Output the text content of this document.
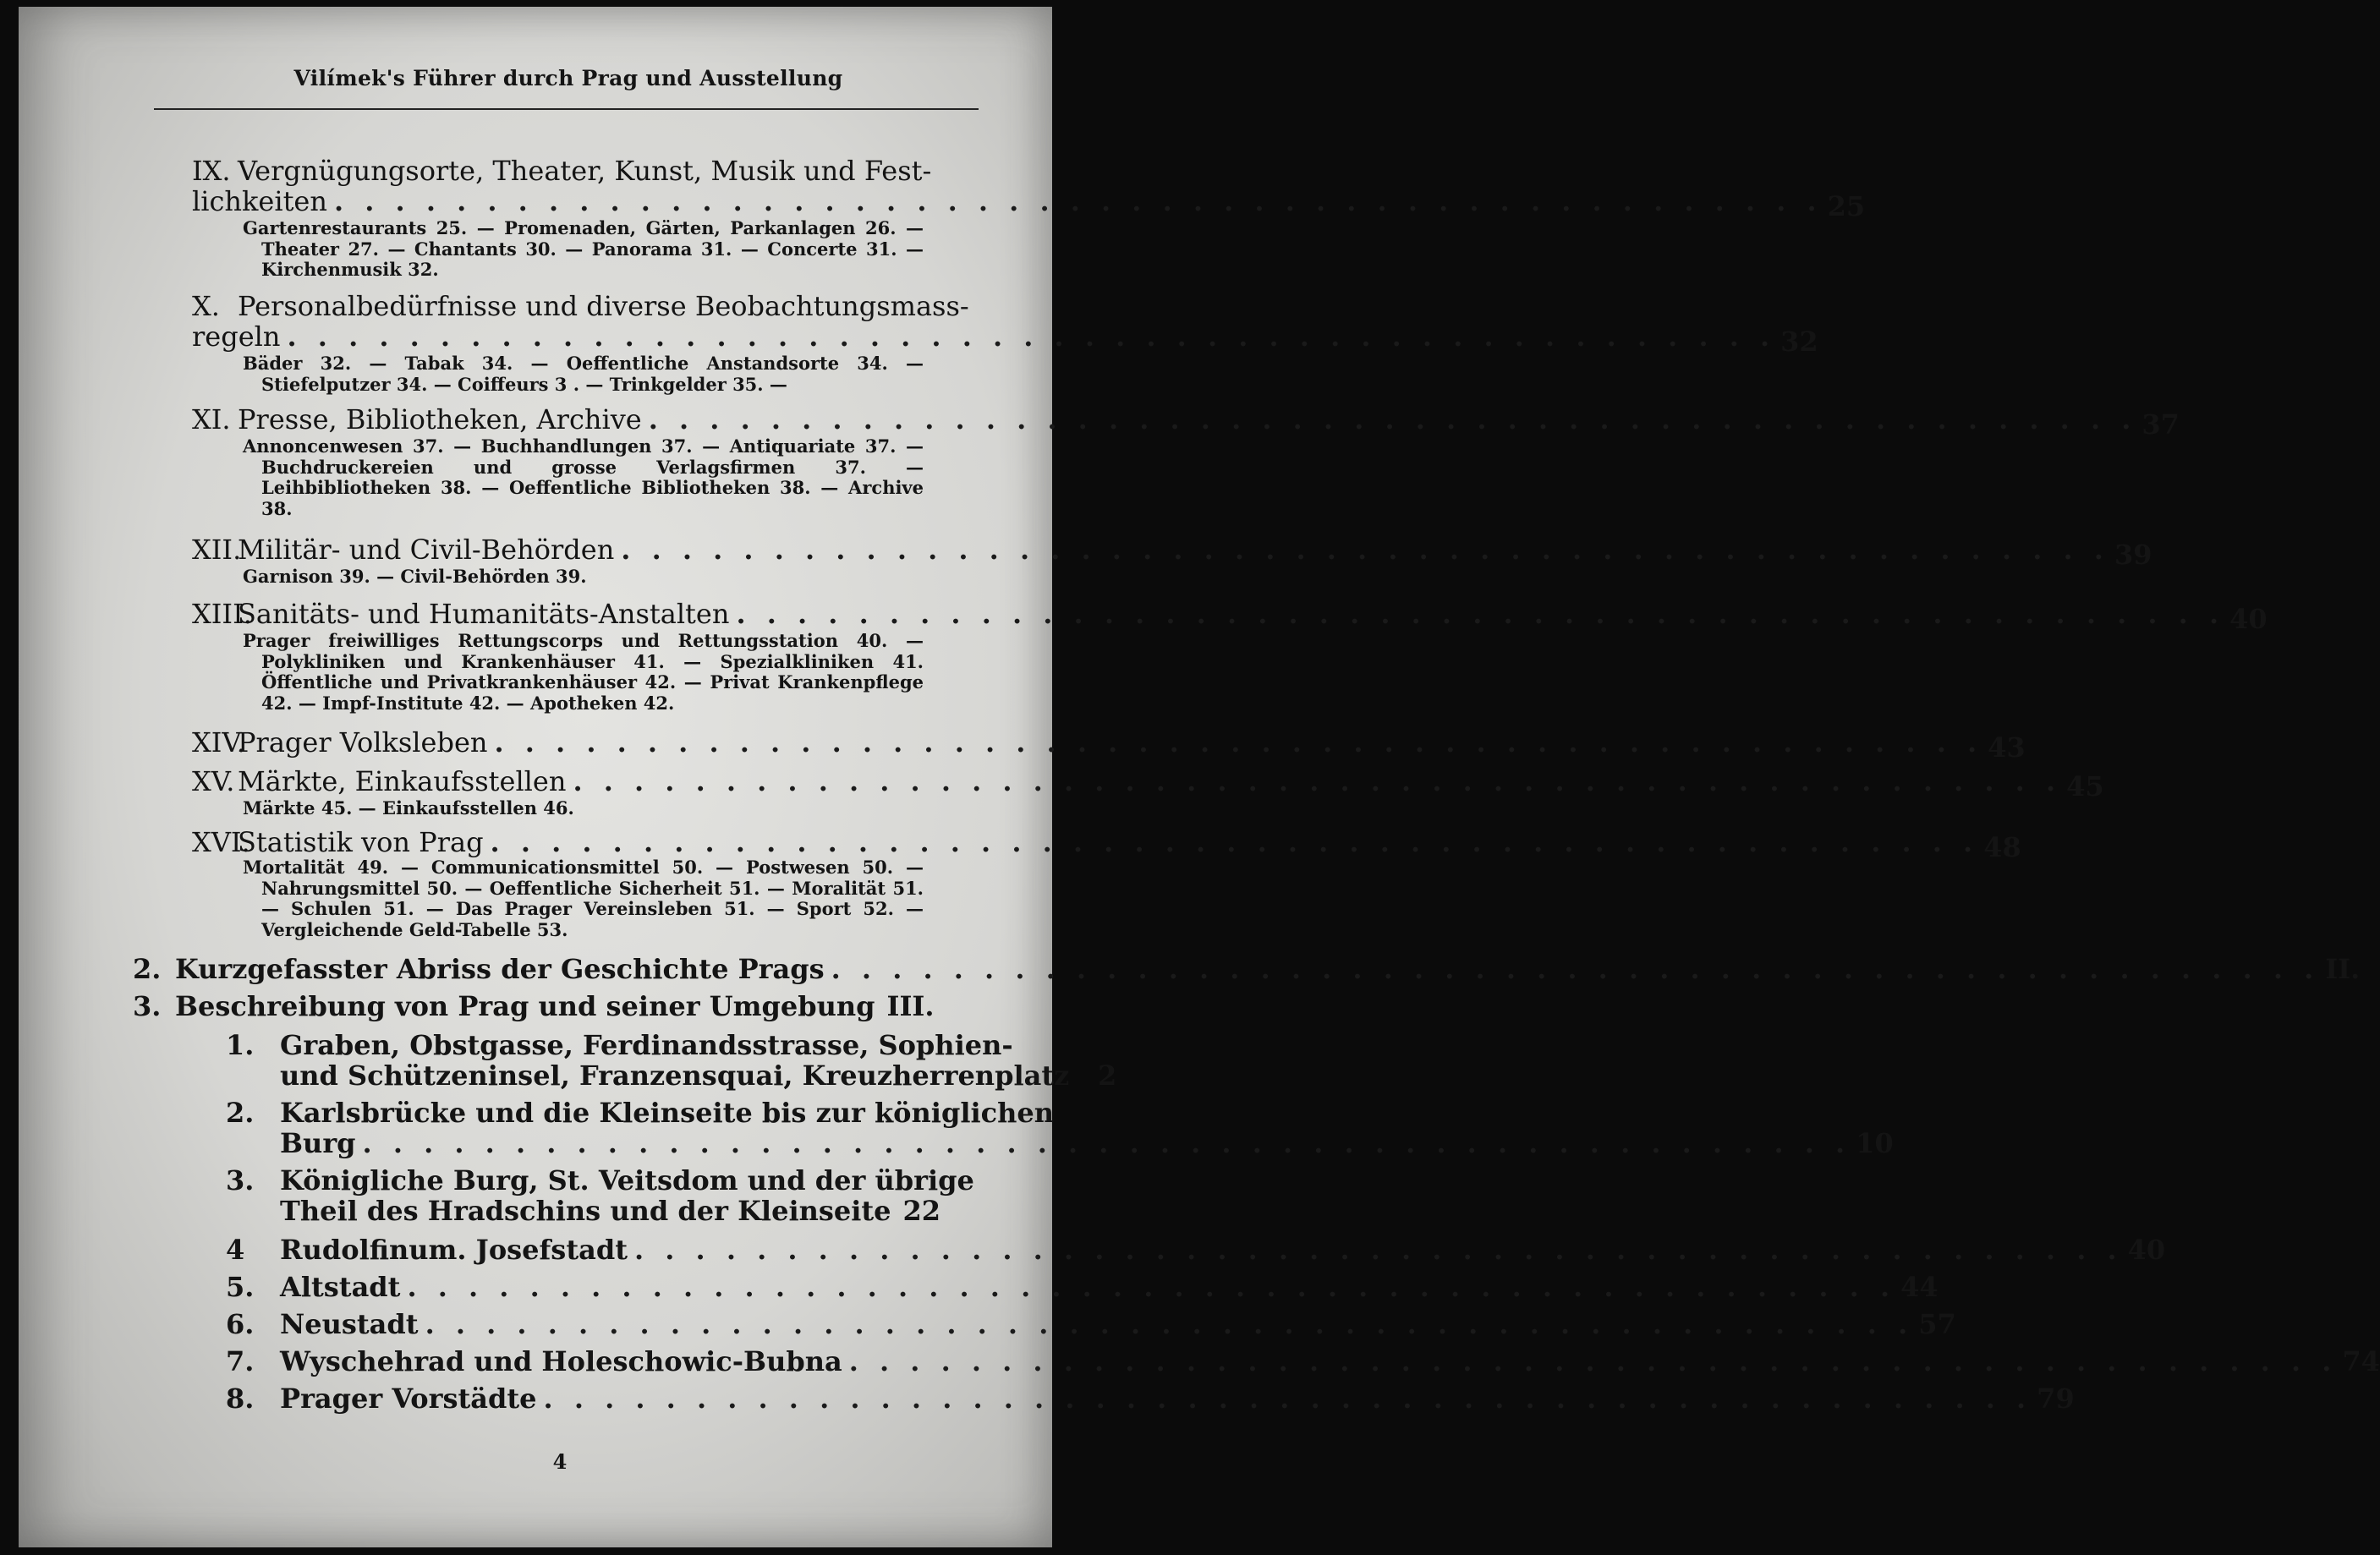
Vilímek's Führer durch Prag und Ausstellung
IX. Vergnügungsorte, Theater, Kunst, Musik und Fest-
lichkeiten . . . . . . . . . . . . . . . . . . . . . . . . . . . . . . . . . . . . . . . . . . . . . . . . . 25
Gartenrestaurants 25. — Promenaden, Gärten, Parkanlagen 26. — Theater 27. — Chantants 30. — Panorama 31. — Concerte 31. — Kirchenmusik 32.
X. Personalbedürfnisse und diverse Beobachtungsmass-
regeln . . . . . . . . . . . . . . . . . . . . . . . . . . . . . . . . . . . . . . . . . . . . . . . . . 32
Bäder 32. — Tabak 34. — Oeffentliche Anstandsorte 34. — Stiefelputzer 34. — Coiffeurs 3 . — Trinkgelder 35. —
XI. Presse, Bibliotheken, Archive . . . . . . . . . . . . . . . . . . . . . . . . . . . . . . . . . . . . . . . . . . . . . . . . . 37
Annoncenwesen 37. — Buchhandlungen 37. — Antiquariate 37. — Buchdruckereien und grosse Verlagsfirmen 37. — Leihbibliotheken 38. — Oeffentliche Bibliotheken 38. — Archive 38.
XII.
Militär- und Civil-Behörden . . . . . . . . . . . . . . . . . . . . . . . . . . . . . . . . . . . . . . . . . . . . . . . . . 39
Garnison 39. — Civil-Behörden 39.
XIII.
Sanitäts- und Humanitäts-Anstalten . . . . . . . . . . . . . . . . . . . . . . . . . . . . . . . . . . . . . . . . . . . . . . . . . 40
Prager freiwilliges Rettungscorps und Rettungsstation 40. — Polykliniken und Krankenhäuser 41. — Spezialkliniken 41. Öffentliche und Privatkrankenhäuser 42. — Privat Krankenpflege 42. — Impf-Institute 42. — Apotheken 42.
XIV.
Prager Volksleben . . . . . . . . . . . . . . . . . . . . . . . . . . . . . . . . . . . . . . . . . . . . . . . . . 43
XV. Märkte, Einkaufsstellen . . . . . . . . . . . . . . . . . . . . . . . . . . . . . . . . . . . . . . . . . . . . . . . . . 45
Märkte 45. — Einkaufsstellen 46.
XVI.
Statistik von Prag . . . . . . . . . . . . . . . . . . . . . . . . . . . . . . . . . . . . . . . . . . . . . . . . . 48
Mortalität 49. — Communicationsmittel 50. — Postwesen 50. — Nahrungsmittel 50. — Oeffentliche Sicherheit 51. — Moralität 51. — Schulen 51. — Das Prager Vereinsleben 51. — Sport 52. — Vergleichende Geld-Tabelle 53.
2. Kurzgefasster Abriss der Geschichte Prags . . . . . . . . . . . . . . . . . . . . . . . . . . . . . . . . . . . . . . . . . . . . . . . . . II.
3. Beschreibung von Prag und seiner Umgebung III.
1. Graben, Obstgasse, Ferdinandsstrasse, Sophien-
und Schützeninsel, Franzensquai, Kreuzherrenplatz	2
2. Karlsbrücke und die Kleinseite bis zur königlichen
Burg . . . . . . . . . . . . . . . . . . . . . . . . . . . . . . . . . . . . . . . . . . . . . . . . . 10
3. Königliche Burg, St. Veitsdom und der übrige
Theil des Hradschins und der Kleinseite 22
4	Rudolfinum. Josefstadt . . . . . . . . . . . . . . . . . . . . . . . . . . . . . . . . . . . . . . . . . . . . . . . . . 40
5. Altstadt . . . . . . . . . . . . . . . . . . . . . . . . . . . . . . . . . . . . . . . . . . . . . . . . . 44
6. Neustadt . . . . . . . . . . . . . . . . . . . . . . . . . . . . . . . . . . . . . . . . . . . . . . . . . 57
7. Wyschehrad und Holeschowic-Bubna . . . . . . . . . . . . . . . . . . . . . . . . . . . . . . . . . . . . . . . . . . . . . . . . . 74
8. Prager Vorstädte . . . . . . . . . . . . . . . . . . . . . . . . . . . . . . . . . . . . . . . . . . . . . . . . . 79
4
